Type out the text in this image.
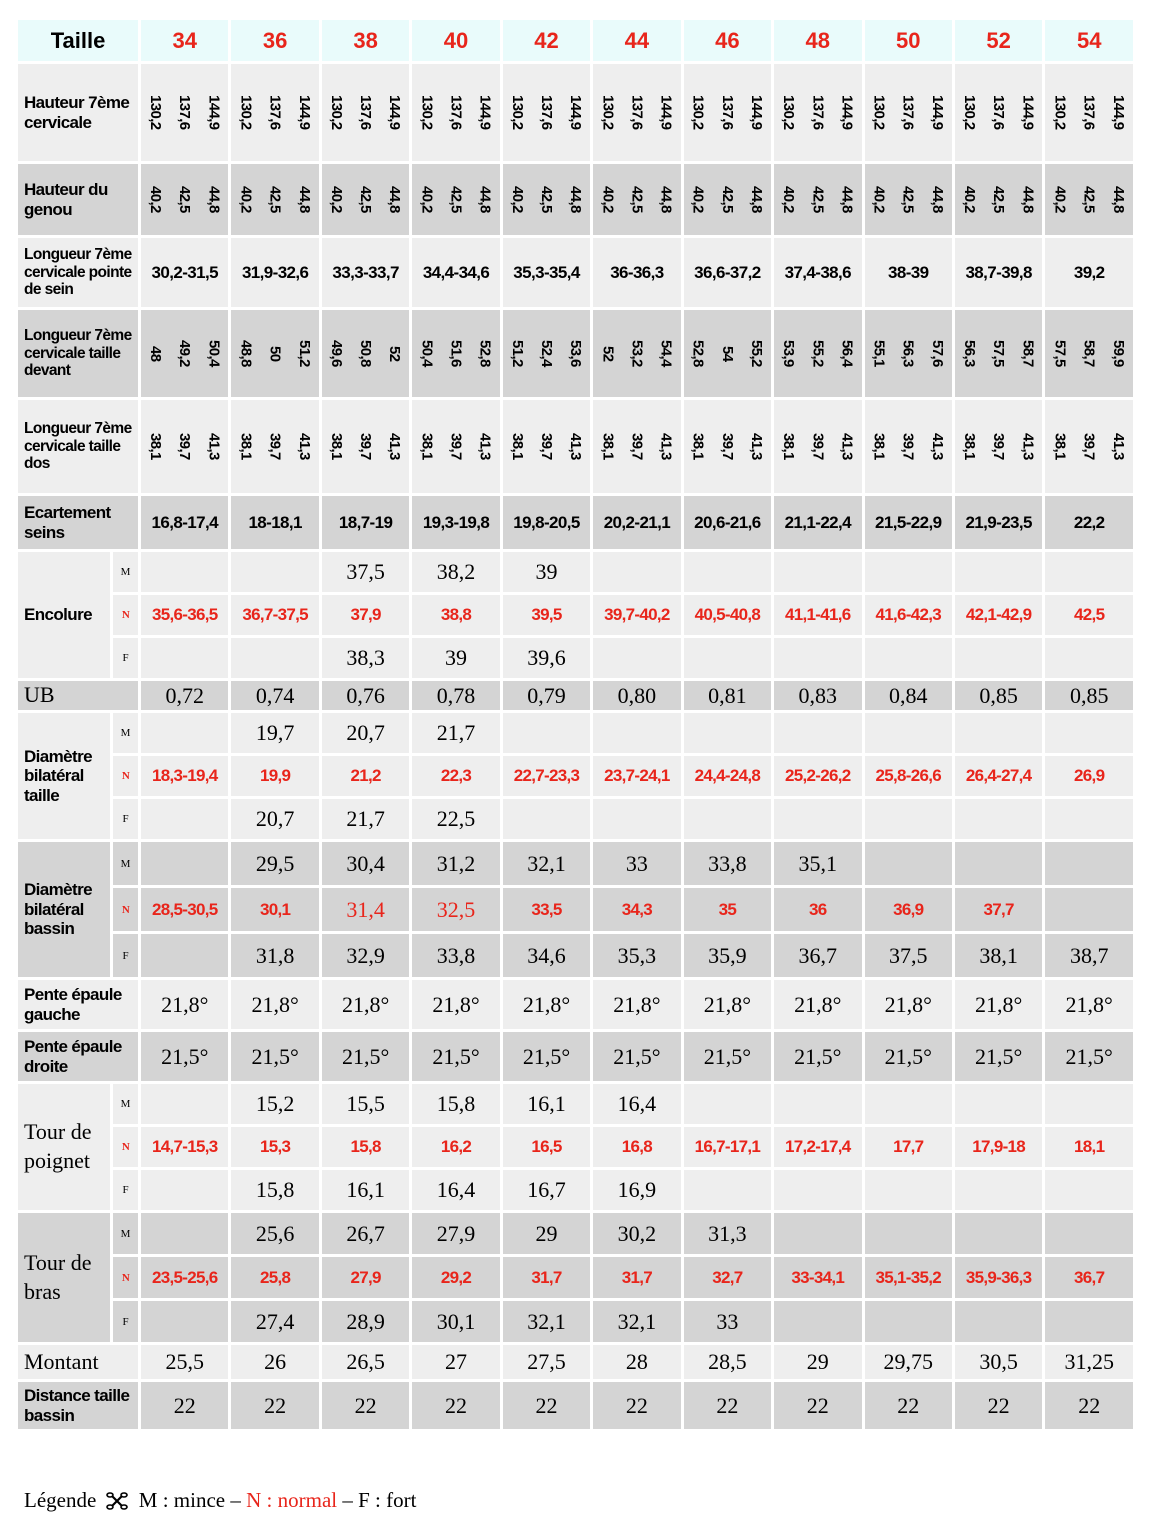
Taille		34	36	38	40	42	44	46	48	50	52	54
Hauteur 7ème cervicale		130,2 137,6 144,9	130,2 137,6 144,9	130,2 137,6 144,9	130,2 137,6 144,9	130,2 137,6 144,9	130,2 137,6 144,9	130,2 137,6 144,9	130,2 137,6 144,9	130,2 137,6 144,9	130,2 137,6 144,9	130,2 137,6 144,9

Hauteur du genou		40,2 42,5 44,8	40,2 42,5 44,8	40,2 42,5 44,8	40,2 42,5 44,8	40,2 42,5 44,8	40,2 42,5 44,8	40,2 42,5 44,8	40,2 42,5 44,8	40,2 42,5 44,8	40,2 42,5 44,8	40,2 42,5 44,8

Longueur 7ème cervicale pointe de sein		30,2-31,5	31,9-32,6	33,3-33,7	34,4-34,6	35,3-35,4	36-36,3	36,6-37,2	37,4-38,6	38-39	38,7-39,8	39,2
Longueur 7ème cervicale taille devant		48 49,2 50,4	48,8 50 51,2	49,6 50,8 52	50,4 51,6 52,8	51,2 52,4 53,6	52 53,2 54,4	52,8 54 55,2	53,9 55,2 56,4	55,1 56,3 57,6	56,3 57,5 58,7	57,5 58,7 59,9

Longueur 7ème cervicale taille dos		38,1 39,7 41,3	38,1 39,7 41,3	38,1 39,7 41,3	38,1 39,7 41,3	38,1 39,7 41,3	38,1 39,7 41,3	38,1 39,7 41,3	38,1 39,7 41,3	38,1 39,7 41,3	38,1 39,7 41,3	38,1 39,7 41,3

Ecartement seins		16,8-17,4	18-18,1	18,7-19	19,3-19,8	19,8-20,5	20,2-21,1	20,6-21,6	21,1-22,4	21,5-22,9	21,9-23,5	22,2
Encolure	M			37,5	38,2	39						
	N	35,6-36,5	36,7-37,5	37,9	38,8	39,5	39,7-40,2	40,5-40,8	41,1-41,6	41,6-42,3	42,1-42,9	42,5
	F			38,3	39	39,6						
UB		0,72	0,74	0,76	0,78	0,79	0,80	0,81	0,83	0,84	0,85	0,85
Diamètre bilatéral taille	M		19,7	20,7	21,7							
	N	18,3-19,4	19,9	21,2	22,3	22,7-23,3	23,7-24,1	24,4-24,8	25,2-26,2	25,8-26,6	26,4-27,4	26,9
	F		20,7	21,7	22,5							
Diamètre bilatéral bassin	M		29,5	30,4	31,2	32,1	33	33,8	35,1			
	N	28,5-30,5	30,1	31,4	32,5	33,5	34,3	35	36	36,9	37,7	
	F		31,8	32,9	33,8	34,6	35,3	35,9	36,7	37,5	38,1	38,7
Pente épaule gauche		21,8°	21,8°	21,8°	21,8°	21,8°	21,8°	21,8°	21,8°	21,8°	21,8°	21,8°
Pente épaule droite		21,5°	21,5°	21,5°	21,5°	21,5°	21,5°	21,5°	21,5°	21,5°	21,5°	21,5°
Tour de poignet	M		15,2	15,5	15,8	16,1	16,4					
	N	14,7-15,3	15,3	15,8	16,2	16,5	16,8	16,7-17,1	17,2-17,4	17,7	17,9-18	18,1
	F		15,8	16,1	16,4	16,7	16,9					
Tour de bras	M		25,6	26,7	27,9	29	30,2	31,3				
	N	23,5-25,6	25,8	27,9	29,2	31,7	31,7	32,7	33-34,1	35,1-35,2	35,9-36,3	36,7
	F		27,4	28,9	30,1	32,1	32,1	33				
Montant		25,5	26	26,5	27	27,5	28	28,5	29	29,75	30,5	31,25
Distance taille bassin		22	22	22	22	22	22	22	22	22	22	22
Légende M : mince – N : normal – F : fort
